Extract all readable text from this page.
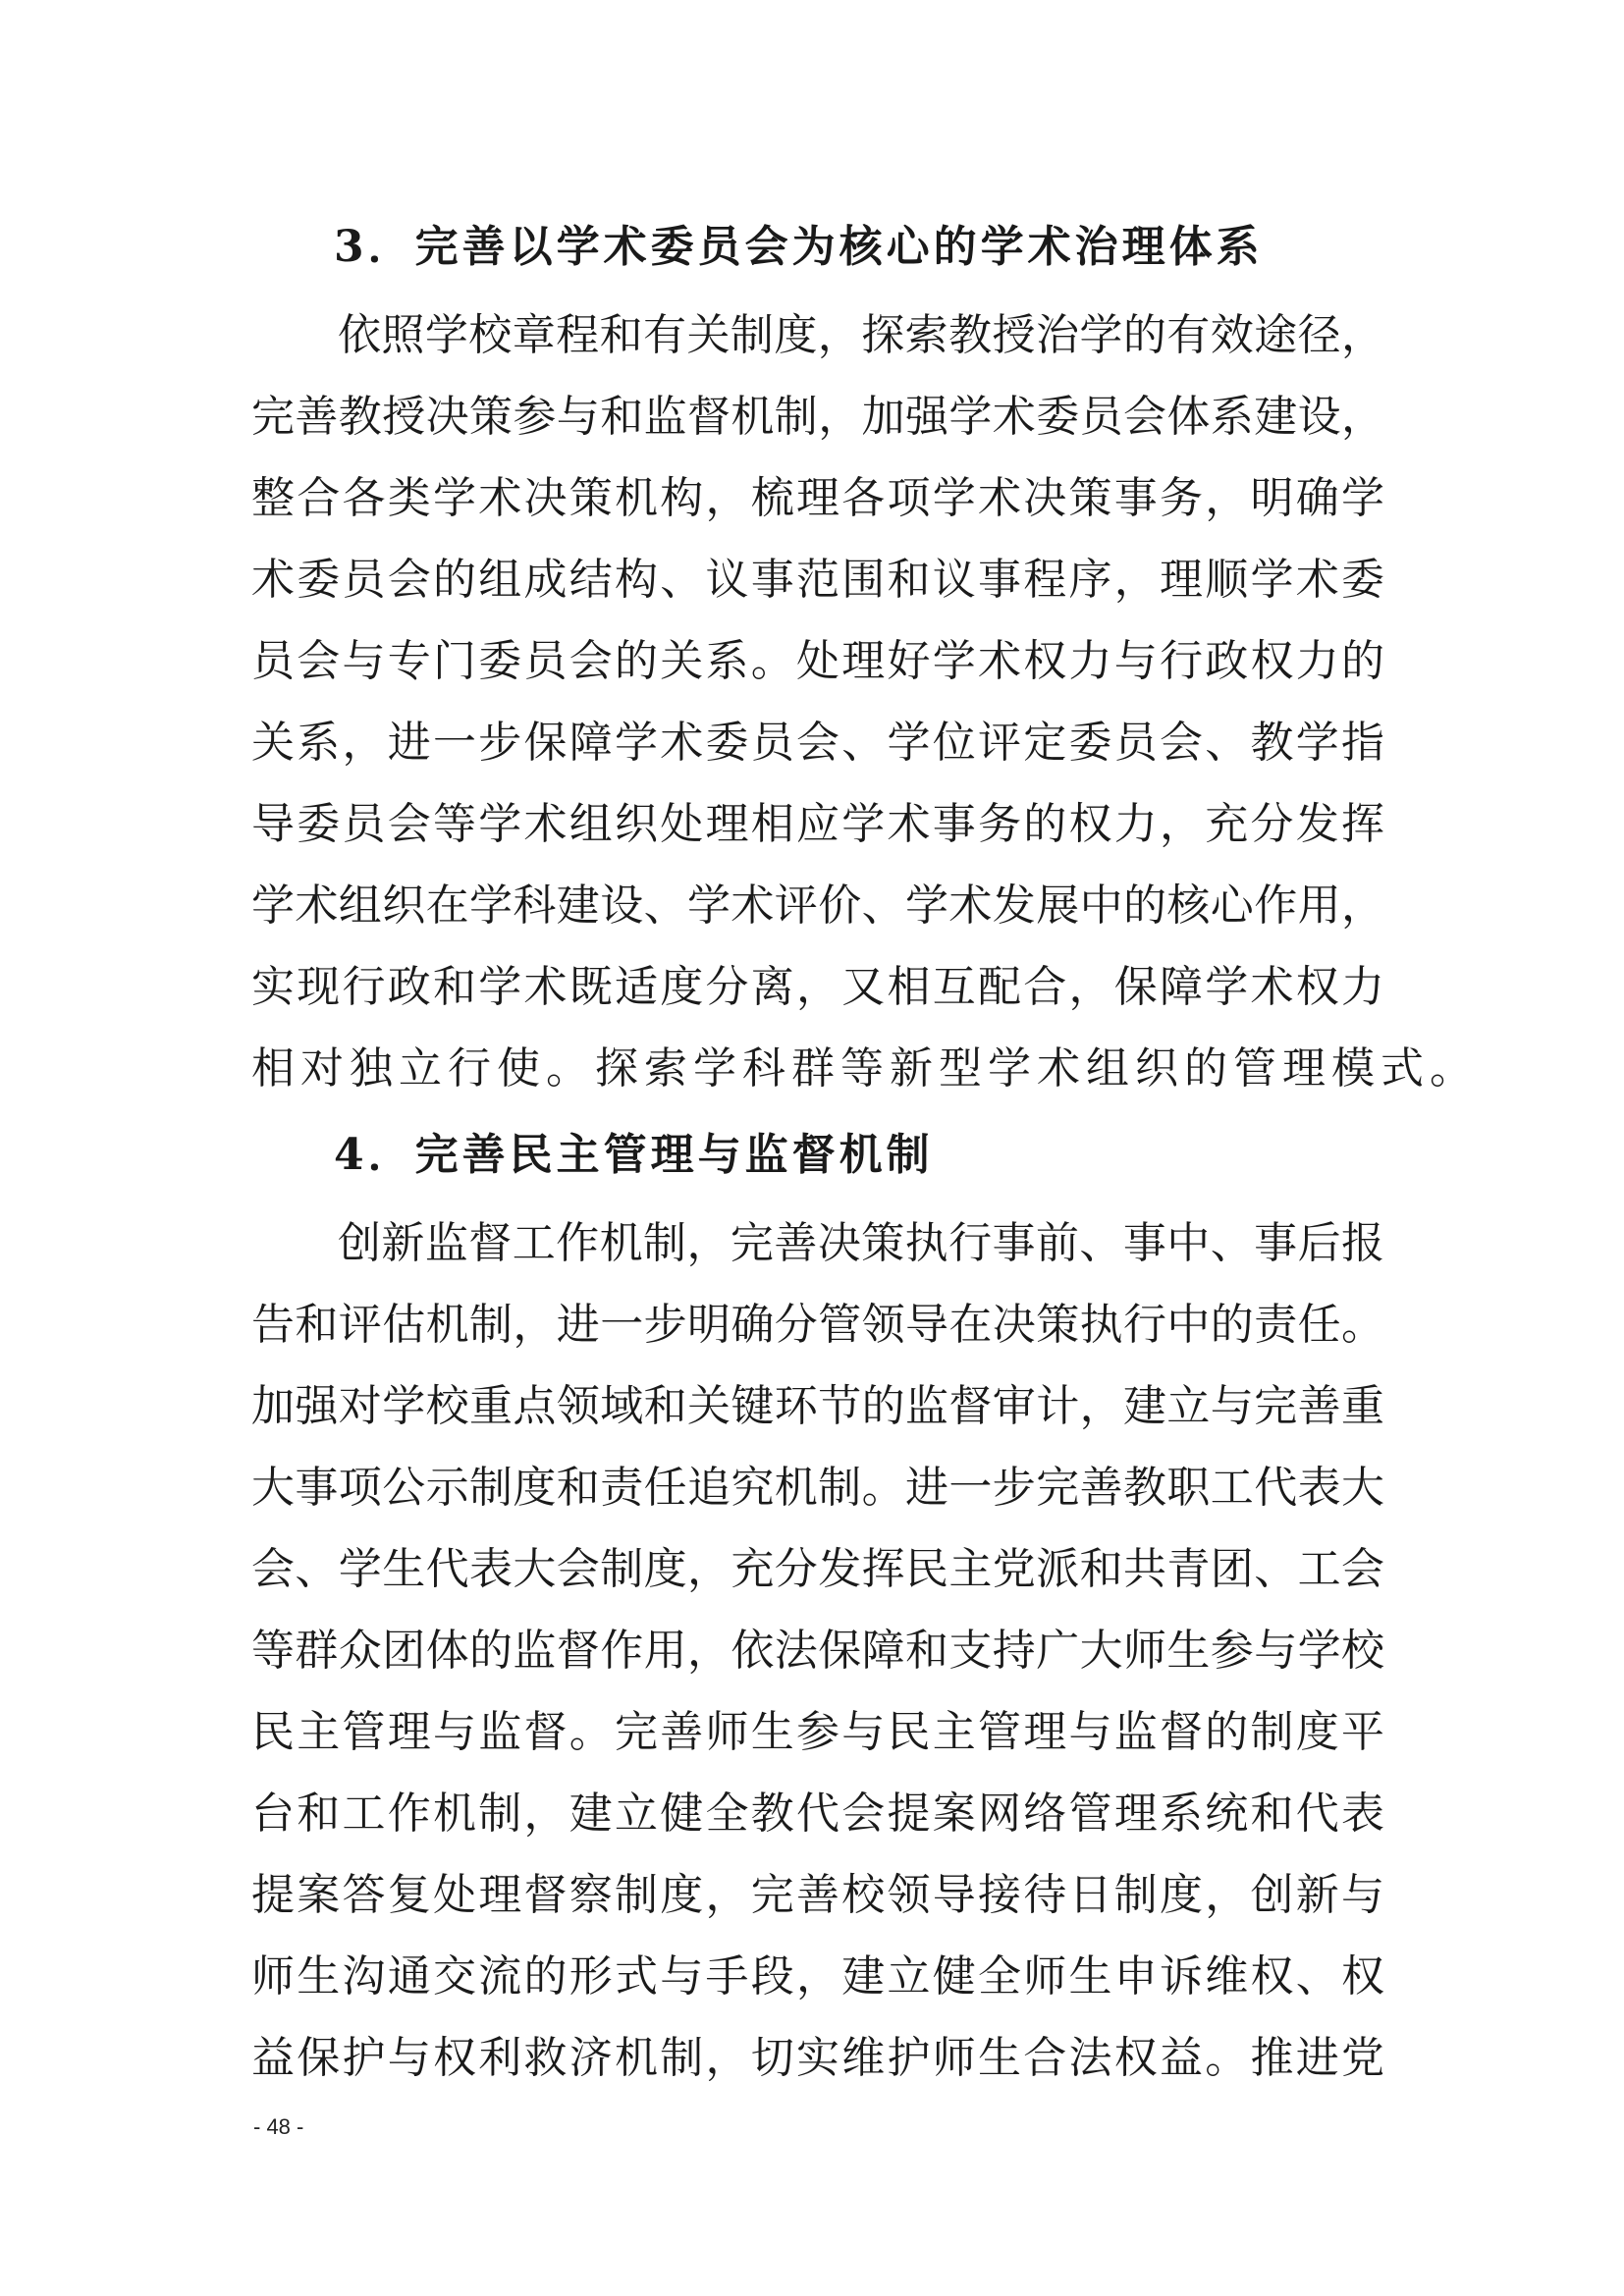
3．完善以学术委员会为核心的学术治理体系
依照学校章程和有关制度，探索教授治学的有效途径，
完善教授决策参与和监督机制，加强学术委员会体系建设，
整合各类学术决策机构，梳理各项学术决策事务，明确学
术委员会的组成结构、议事范围和议事程序，理顺学术委
员会与专门委员会的关系。处理好学术权力与行政权力的
关系，进一步保障学术委员会、学位评定委员会、教学指
导委员会等学术组织处理相应学术事务的权力，充分发挥
学术组织在学科建设、学术评价、学术发展中的核心作用，
实现行政和学术既适度分离，又相互配合，保障学术权力
相对独立行使。探索学科群等新型学术组织的管理模式。
4．完善民主管理与监督机制
创新监督工作机制，完善决策执行事前、事中、事后报
告和评估机制，进一步明确分管领导在决策执行中的责任。
加强对学校重点领域和关键环节的监督审计，建立与完善重
大事项公示制度和责任追究机制。进一步完善教职工代表大
会、学生代表大会制度，充分发挥民主党派和共青团、工会
等群众团体的监督作用，依法保障和支持广大师生参与学校
民主管理与监督。完善师生参与民主管理与监督的制度平
台和工作机制，建立健全教代会提案网络管理系统和代表
提案答复处理督察制度，完善校领导接待日制度，创新与
师生沟通交流的形式与手段，建立健全师生申诉维权、权
益保护与权利救济机制，切实维护师生合法权益。推进党
- 48 -
